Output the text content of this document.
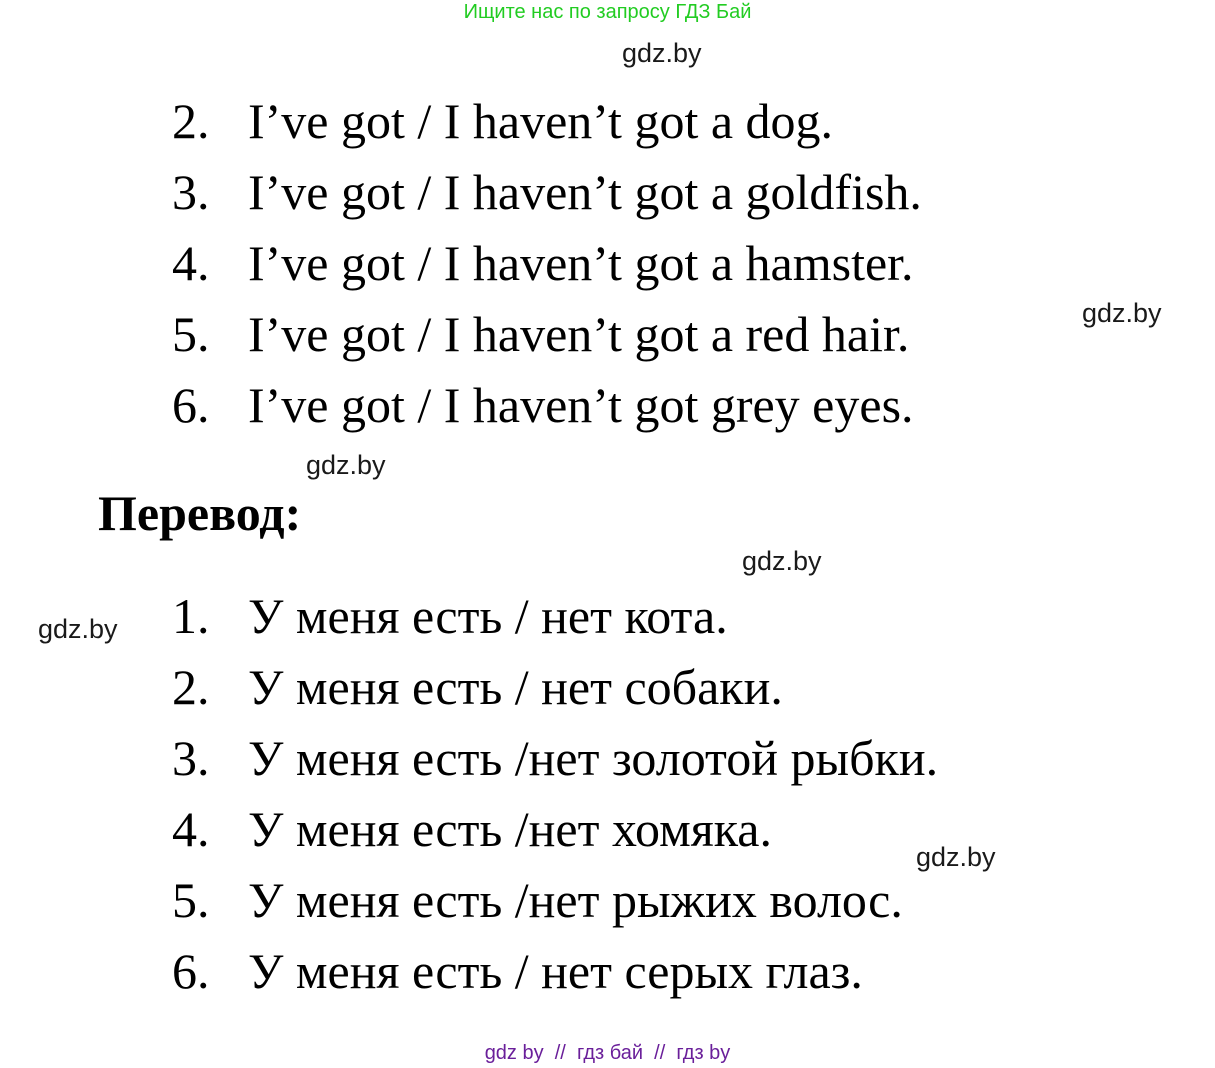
Ищите нас по запросу ГДЗ Бай
gdz.by
gdz.by
gdz.by
gdz.by
gdz.by
gdz.by
2. I’ve got / I haven’t got a dog.
3. I’ve got / I haven’t got a goldfish.
4. I’ve got / I haven’t got a hamster.
5. I’ve got / I haven’t got a red hair.
6. I’ve got / I haven’t got grey eyes.
Перевод:
1. У меня есть / нет кота.
2. У меня есть / нет собаки.
3. У меня есть /нет золотой рыбки.
4. У меня есть /нет хомяка.
5. У меня есть /нет рыжих волос.
6. У меня есть / нет серых глаз.
gdz by  //  гдз бай  //  гдз by
